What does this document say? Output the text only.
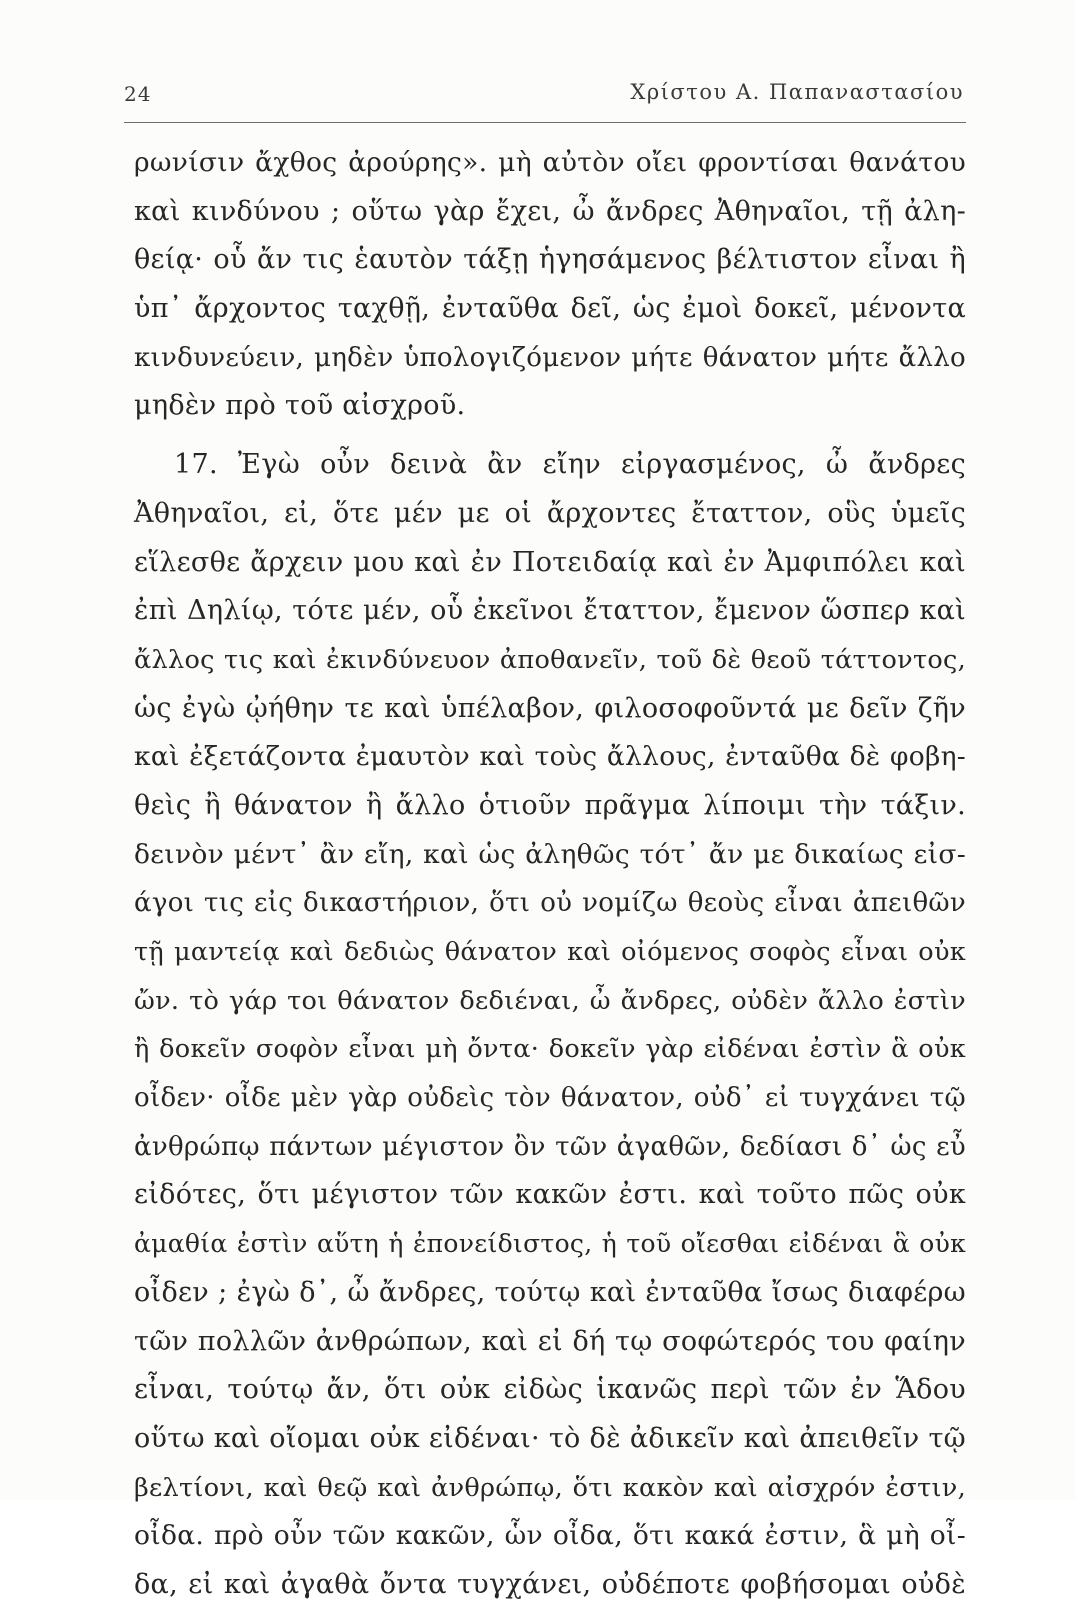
24	Χρίστου Α. Παπαναστασίου
ρωνίσιν ἄχθος ἀρούρης». μὴ αὐτὸν οἴει φροντίσαι θανάτου
καὶ κινδύνου ; οὕτω γὰρ ἔχει, ὦ ἄνδρες Ἀθηναῖοι, τῇ ἀλη-
θείᾳ· οὗ ἄν τις ἑαυτὸν τάξῃ ἡγησάμενος βέλτιστον εἶναι ἢ
ὑπ᾿ ἄρχοντος ταχθῇ, ἐνταῦθα δεῖ, ὡς ἐμοὶ δοκεῖ, μένοντα
κινδυνεύειν, μηδὲν ὑπολογιζόμενον μήτε θάνατον μήτε ἄλλο
μηδὲν πρὸ τοῦ αἰσχροῦ.
17. Ἐγὼ οὖν δεινὰ ἂν εἴην εἰργασμένος, ὦ ἄνδρες
Ἀθηναῖοι, εἰ, ὅτε μέν με οἱ ἄρχοντες ἔταττον, οὓς ὑμεῖς
εἵλεσθε ἄρχειν μου καὶ ἐν Ποτειδαίᾳ καὶ ἐν Ἀμφιπόλει καὶ
ἐπὶ Δηλίῳ, τότε μέν, οὗ ἐκεῖνοι ἔταττον, ἔμενον ὥσπερ καὶ
ἄλλος τις καὶ ἐκινδύνευον ἀποθανεῖν, τοῦ δὲ θεοῦ τάττοντος,
ὡς ἐγὼ ᾠήθην τε καὶ ὑπέλαβον, φιλοσοφοῦντά με δεῖν ζῆν
καὶ ἐξετάζοντα ἐμαυτὸν καὶ τοὺς ἄλλους, ἐνταῦθα δὲ φοβη-
θεὶς ἢ θάνατον ἢ ἄλλο ὁτιοῦν πρᾶγμα λίποιμι τὴν τάξιν.
δεινὸν μέντ᾿ ἂν εἴη, καὶ ὡς ἀληθῶς τότ᾿ ἄν με δικαίως εἰσ-
άγοι τις εἰς δικαστήριον, ὅτι οὐ νομίζω θεοὺς εἶναι ἀπειθῶν
τῇ μαντείᾳ καὶ δεδιὼς θάνατον καὶ οἰόμενος σοφὸς εἶναι οὐκ
ὤν. τὸ γάρ τοι θάνατον δεδιέναι, ὦ ἄνδρες, οὐδὲν ἄλλο ἐστὶν
ἢ δοκεῖν σοφὸν εἶναι μὴ ὄντα· δοκεῖν γὰρ εἰδέναι ἐστὶν ἃ οὐκ
οἶδεν· οἶδε μὲν γὰρ οὐδεὶς τὸν θάνατον, οὐδ᾿ εἰ τυγχάνει τῷ
ἀνθρώπῳ πάντων μέγιστον ὂν τῶν ἀγαθῶν, δεδίασι δ᾿ ὡς εὖ
εἰδότες, ὅτι μέγιστον τῶν κακῶν ἐστι. καὶ τοῦτο πῶς οὐκ
ἀμαθία ἐστὶν αὕτη ἡ ἐπονείδιστος, ἡ τοῦ οἴεσθαι εἰδέναι ἃ οὐκ
οἶδεν ; ἐγὼ δ᾿, ὦ ἄνδρες, τούτῳ καὶ ἐνταῦθα ἴσως διαφέρω
τῶν πολλῶν ἀνθρώπων, καὶ εἰ δή τῳ σοφώτερός του φαίην
εἶναι, τούτῳ ἄν, ὅτι οὐκ εἰδὼς ἱκανῶς περὶ τῶν ἐν Ἅδου
οὕτω καὶ οἴομαι οὐκ εἰδέναι· τὸ δὲ ἀδικεῖν καὶ ἀπειθεῖν τῷ
βελτίονι, καὶ θεῷ καὶ ἀνθρώπῳ, ὅτι κακὸν καὶ αἰσχρόν ἐστιν,
οἶδα. πρὸ οὖν τῶν κακῶν, ὧν οἶδα, ὅτι κακά ἐστιν, ἃ μὴ οἶ-
δα, εἰ καὶ ἀγαθὰ ὄντα τυγχάνει, οὐδέποτε φοβήσομαι οὐδὲ
